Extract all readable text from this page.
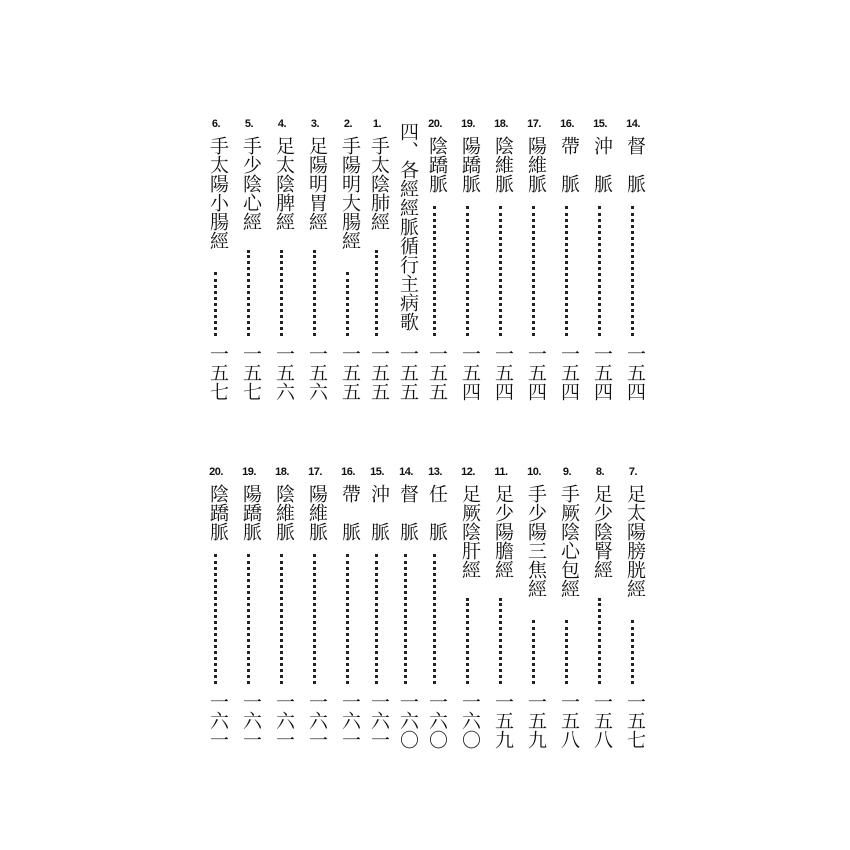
14.
督　脈
一五四
15.
沖　脈
一五四
16.
帶　脈
一五四
17.
陽維脈
一五四
18.
陰維脈
一五四
19.
陽蹻脈
一五四
20.
陰蹻脈
一五五
四、各經經脈循行主病歌
一五五
1.
手太陰肺經
一五五
2.
手陽明大腸經
一五五
3.
足陽明胃經
一五六
4.
足太陰脾經
一五六
5.
手少陰心經
一五七
6.
手太陽小腸經
一五七
7.
足太陽膀胱經
一五七
8.
足少陰腎經
一五八
9.
手厥陰心包經
一五八
10.
手少陽三焦經
一五九
11.
足少陽膽經
一五九
12.
足厥陰肝經
一六〇
13.
任　脈
一六〇
14.
督　脈
一六〇
15.
沖　脈
一六一
16.
帶　脈
一六一
17.
陽維脈
一六一
18.
陰維脈
一六一
19.
陽蹻脈
一六一
20.
陰蹻脈
一六一
